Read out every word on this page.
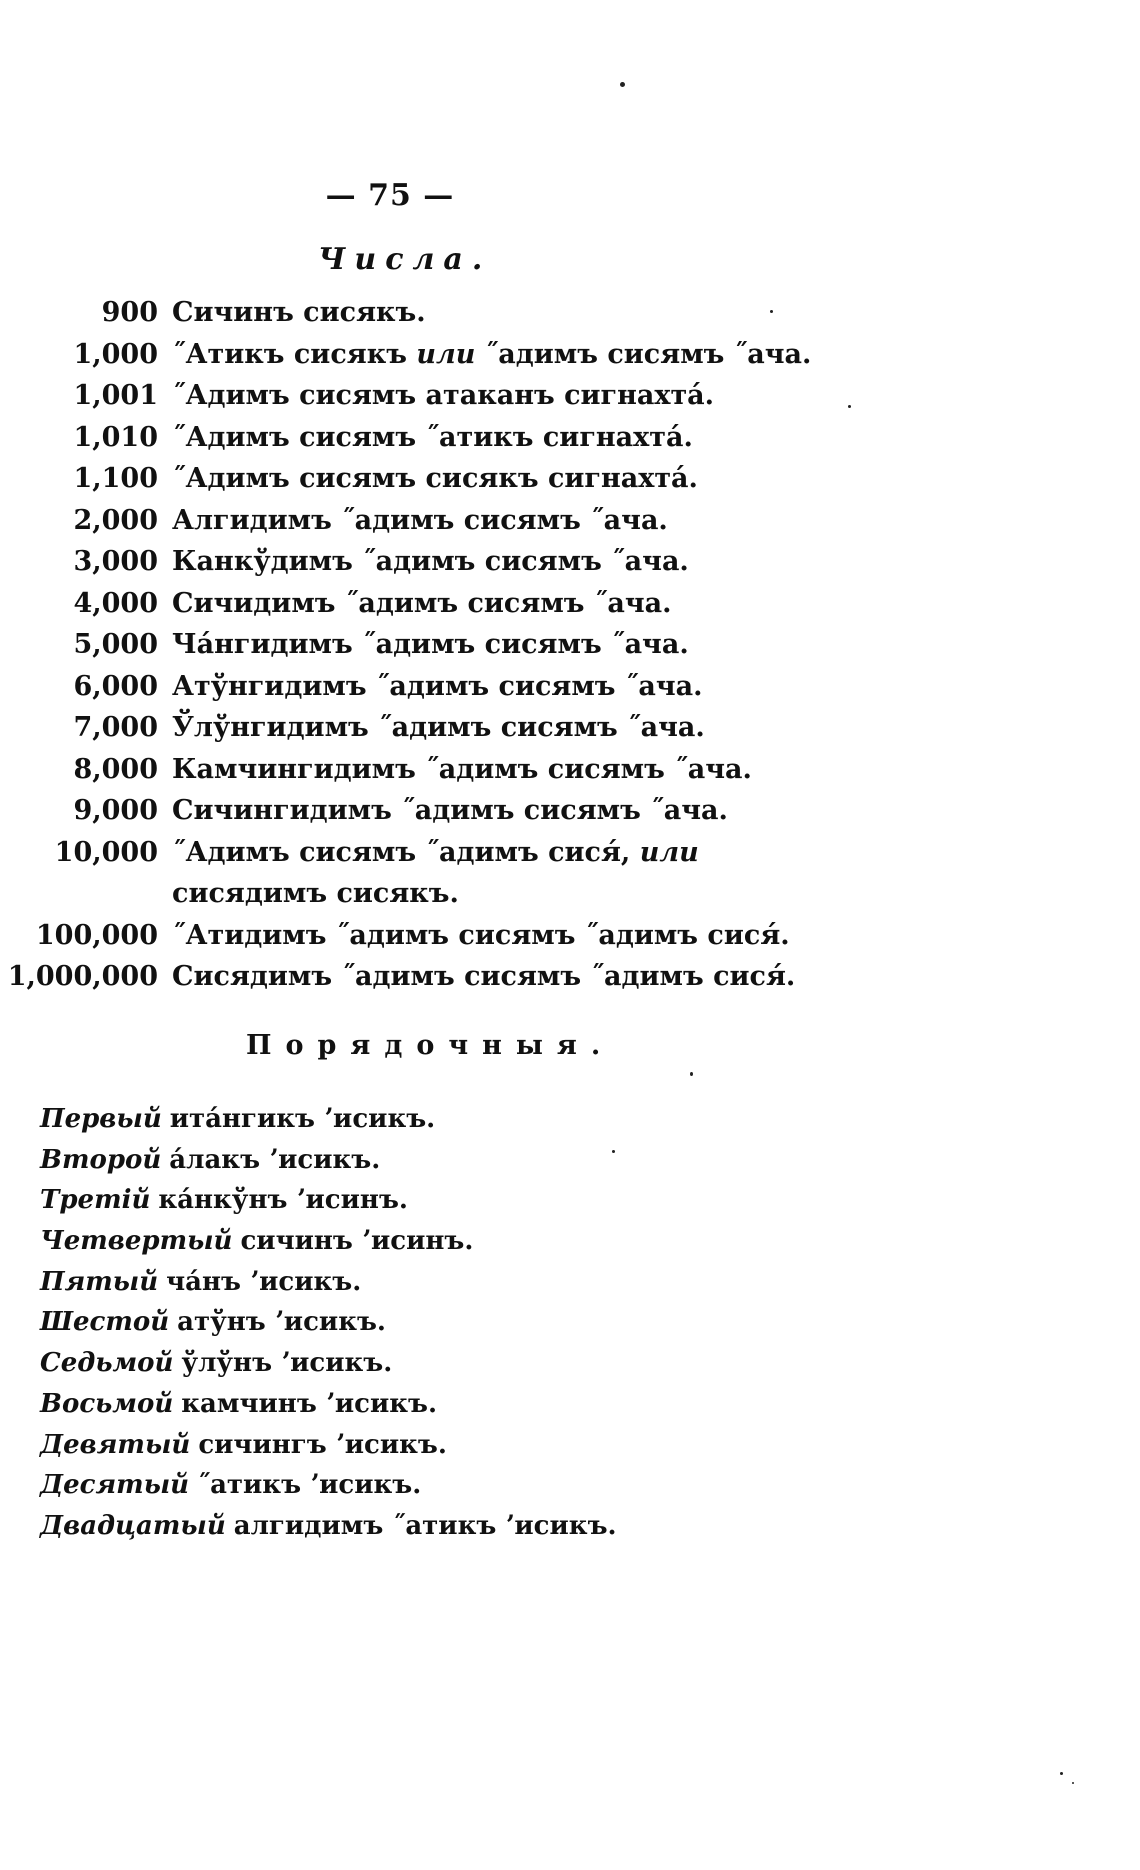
— 75 —
Числа.
900 Сичинъ сисякъ.
1,000 ˝Атикъ сисякъ или ˝адимъ сисямъ ˝ача.
1,001 ˝Адимъ сисямъ атаканъ сигнахта́.
1,010 ˝Адимъ сисямъ ˝атикъ сигнахта́.
1,100 ˝Адимъ сисямъ сисякъ сигнахта́.
2,000 Алгидимъ ˝адимъ сисямъ ˝ача.
3,000 Канкўдимъ ˝адимъ сисямъ ˝ача.
4,000 Сичидимъ ˝адимъ сисямъ ˝ача.
5,000 Ча́нгидимъ ˝адимъ сисямъ ˝ача.
6,000 Атўнгидимъ ˝адимъ сисямъ ˝ача.
7,000 Ўлўнгидимъ ˝адимъ сисямъ ˝ача.
8,000 Камчингидимъ ˝адимъ сисямъ ˝ача.
9,000 Сичингидимъ ˝адимъ сисямъ ˝ача.
10,000 ˝Адимъ сисямъ ˝адимъ сися́, или сисядимъ сисякъ.
100,000 ˝Атидимъ ˝адимъ сисямъ ˝адимъ сися́.
1,000,000 Сисядимъ ˝адимъ сисямъ ˝адимъ сися́.
Порядочныя.
Первый ита́нгикъ ʼисикъ.
Второй а́лакъ ʼисикъ.
Третій ка́нкўнъ ʼисинъ.
Четвертый сичинъ ʼисинъ.
Пятый ча́нъ ʼисикъ.
Шестой атўнъ ʼисикъ.
Седьмой ўлўнъ ʼисикъ.
Восьмой камчинъ ʼисикъ.
Девятый сичингъ ʼисикъ.
Десятый ˝атикъ ʼисикъ.
Двадцатый алгидимъ ˝атикъ ʼисикъ.
